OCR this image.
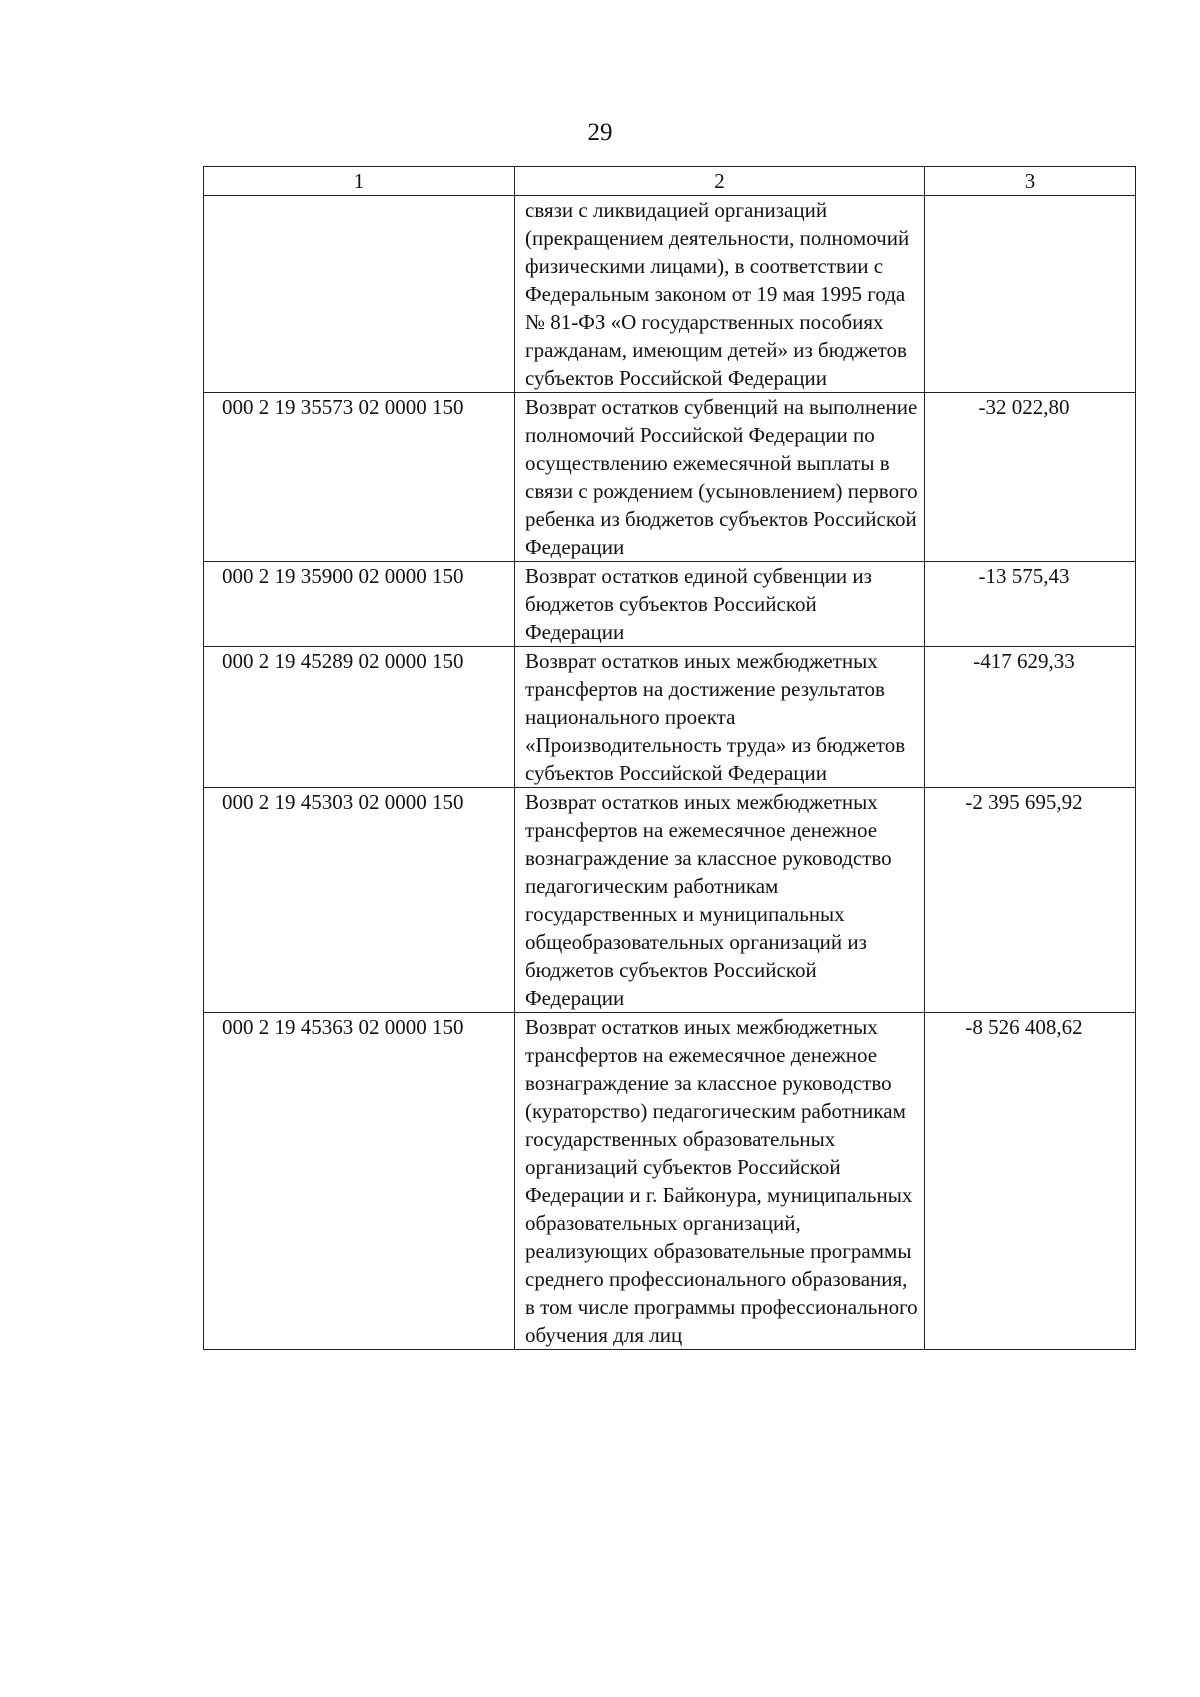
29
1	2	3
	связи с ликвидацией организаций (прекращением деятельности, полномочий физическими лицами), в соответствии с Федеральным законом от 19 мая 1995 года № 81-ФЗ «О государственных пособиях гражданам, имеющим детей» из бюджетов субъектов Российской Федерации	
000 2 19 35573 02 0000 150	Возврат остатков субвенций на выполнение полномочий Российской Федерации по осуществлению ежемесячной выплаты в связи с рождением (усыновлением) первого ребенка из бюджетов субъектов Российской Федерации	-32 022,80
000 2 19 35900 02 0000 150	Возврат остатков единой субвенции из бюджетов субъектов Российской Федерации	-13 575,43
000 2 19 45289 02 0000 150	Возврат остатков иных межбюджетных трансфертов на достижение результатов национального проекта «Производительность труда» из бюджетов субъектов Российской Федерации	-417 629,33
000 2 19 45303 02 0000 150	Возврат остатков иных межбюджетных трансфертов на ежемесячное денежное вознаграждение за классное руководство педагогическим работникам государственных и муниципальных общеобразовательных организаций из бюджетов субъектов Российской Федерации	-2 395 695,92
000 2 19 45363 02 0000 150	Возврат остатков иных межбюджетных трансфертов на ежемесячное денежное вознаграждение за классное руководство (кураторство) педагогическим работникам государственных образовательных организаций субъектов Российской Федерации и г. Байконура, муниципальных образовательных организаций, реализующих образовательные программы среднего профессионального образования, в том числе программы профессионального обучения для лиц	-8 526 408,62
